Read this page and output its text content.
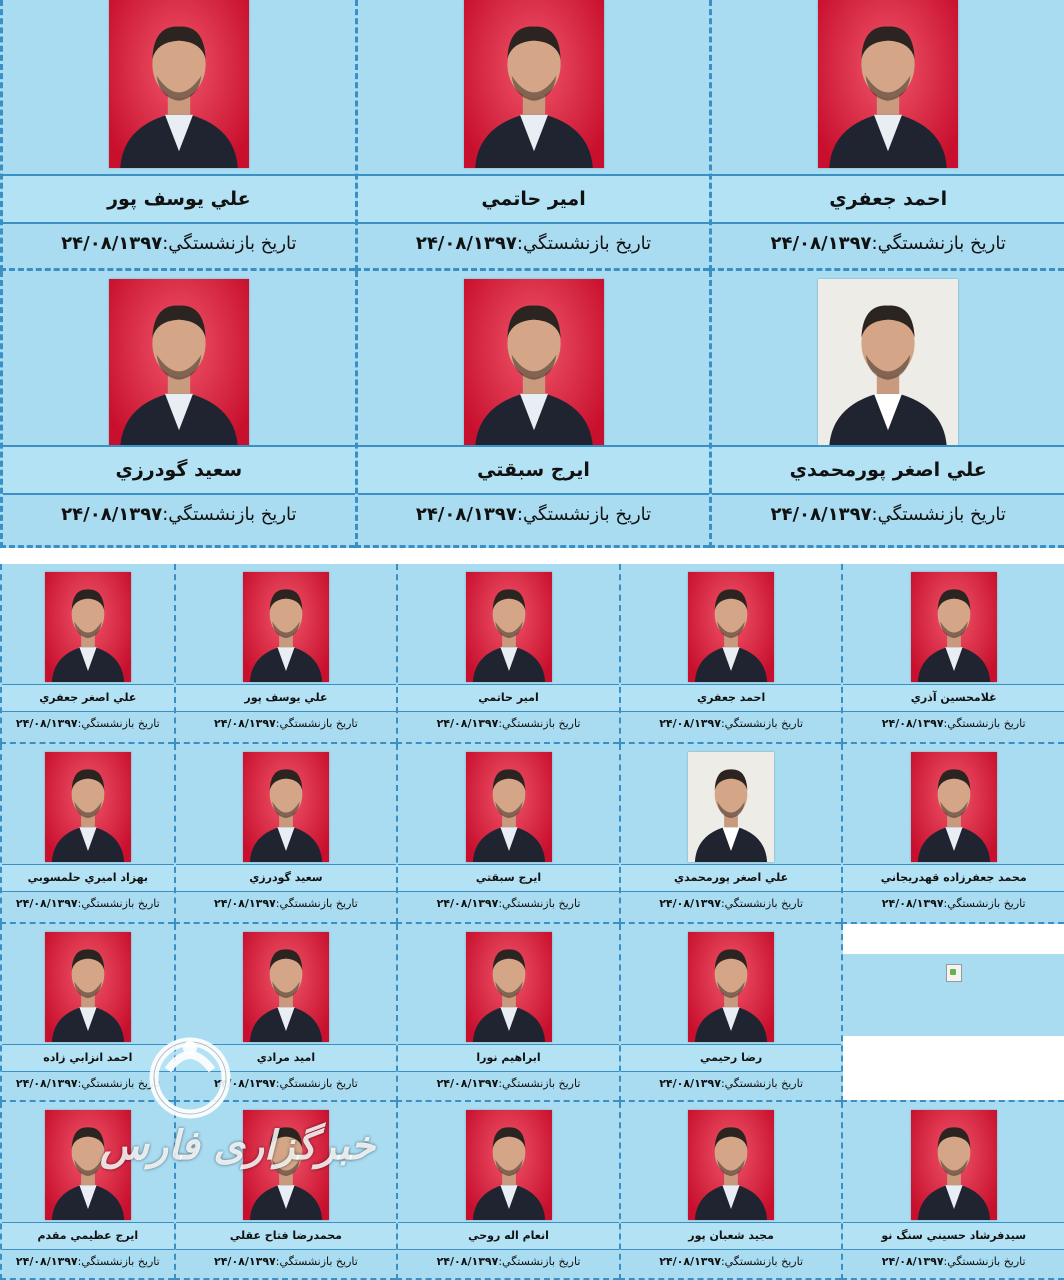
احمد جعفري
تاريخ بازنشستگي:۲۴/۰۸/۱۳۹۷
امير حاتمي
تاريخ بازنشستگي:۲۴/۰۸/۱۳۹۷
علي يوسف پور
تاريخ بازنشستگي:۲۴/۰۸/۱۳۹۷
علي اصغر پورمحمدي
تاريخ بازنشستگي:۲۴/۰۸/۱۳۹۷
ايرج سبقتي
تاريخ بازنشستگي:۲۴/۰۸/۱۳۹۷
سعيد گودرزي
تاريخ بازنشستگي:۲۴/۰۸/۱۳۹۷
غلامحسين آذري
تاريخ بازنشستگي:۲۴/۰۸/۱۳۹۷
احمد جعفري
تاريخ بازنشستگي:۲۴/۰۸/۱۳۹۷
امير حاتمي
تاريخ بازنشستگي:۲۴/۰۸/۱۳۹۷
علي يوسف پور
تاريخ بازنشستگي:۲۴/۰۸/۱۳۹۷
علي اصغر جعفري
تاريخ بازنشستگي:۲۴/۰۸/۱۳۹۷
محمد جعفرزاده قهدريجاني
تاريخ بازنشستگي:۲۴/۰۸/۱۳۹۷
علي اصغر پورمحمدي
تاريخ بازنشستگي:۲۴/۰۸/۱۳۹۷
ايرج سبقتي
تاريخ بازنشستگي:۲۴/۰۸/۱۳۹۷
سعيد گودرزي
تاريخ بازنشستگي:۲۴/۰۸/۱۳۹۷
بهزاد اميري حلمسوبي
تاريخ بازنشستگي:۲۴/۰۸/۱۳۹۷
رضا رحيمي
تاريخ بازنشستگي:۲۴/۰۸/۱۳۹۷
ابراهيم نورا
تاريخ بازنشستگي:۲۴/۰۸/۱۳۹۷
اميد مرادي
تاريخ بازنشستگي:۲۴/۰۸/۱۳۹۷
احمد انزابي زاده
تاريخ بازنشستگي:۲۴/۰۸/۱۳۹۷
سيدفرشاد حسيني سنگ نو
تاريخ بازنشستگي:۲۴/۰۸/۱۳۹۷
مجيد شعبان پور
تاريخ بازنشستگي:۲۴/۰۸/۱۳۹۷
انعام اله روحي
تاريخ بازنشستگي:۲۴/۰۸/۱۳۹۷
محمدرضا فتاح عقلي
تاريخ بازنشستگي:۲۴/۰۸/۱۳۹۷
ايرج عظيمي مقدم
تاريخ بازنشستگي:۲۴/۰۸/۱۳۹۷
خبرگزاری فارس
